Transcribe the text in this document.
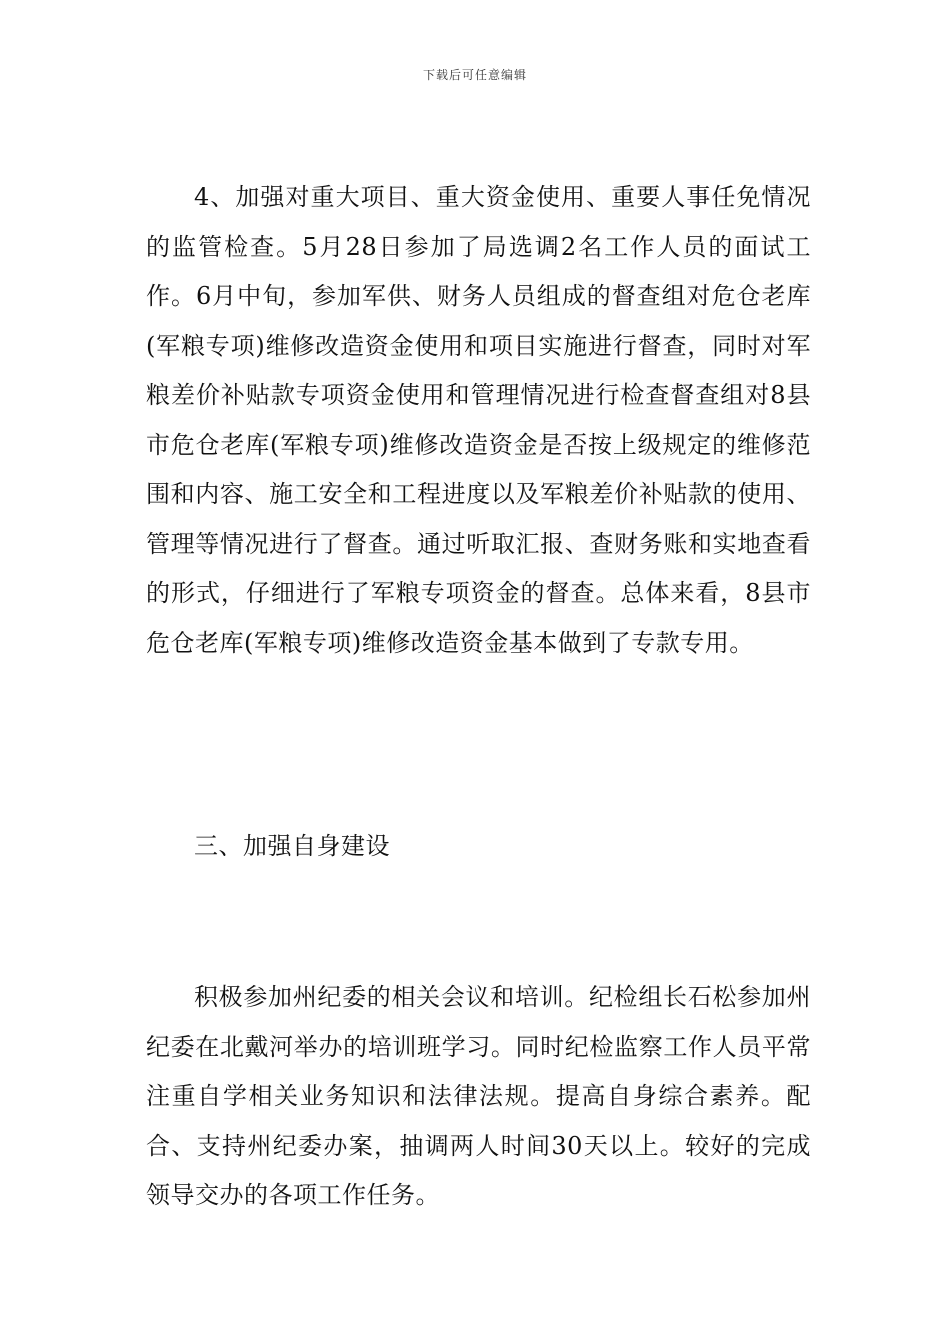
下载后可任意编辑

4、加强对重大项目、重大资金使用、重要人事任免情况的监管检查。5月28日参加了局选调2名工作人员的面试工作。6月中旬，参加军供、财务人员组成的督查组对危仓老库(军粮专项)维修改造资金使用和项目实施进行督查，同时对军粮差价补贴款专项资金使用和管理情况进行检查督查组对8县市危仓老库(军粮专项)维修改造资金是否按上级规定的维修范围和内容、施工安全和工程进度以及军粮差价补贴款的使用、管理等情况进行了督查。通过听取汇报、查财务账和实地查看的形式，仔细进行了军粮专项资金的督查。总体来看，8县市危仓老库(军粮专项)维修改造资金基本做到了专款专用。

三、加强自身建设

积极参加州纪委的相关会议和培训。纪检组长石松参加州纪委在北戴河举办的培训班学习。同时纪检监察工作人员平常注重自学相关业务知识和法律法规。提高自身综合素养。配合、支持州纪委办案，抽调两人时间30天以上。较好的完成领导交办的各项工作任务。
